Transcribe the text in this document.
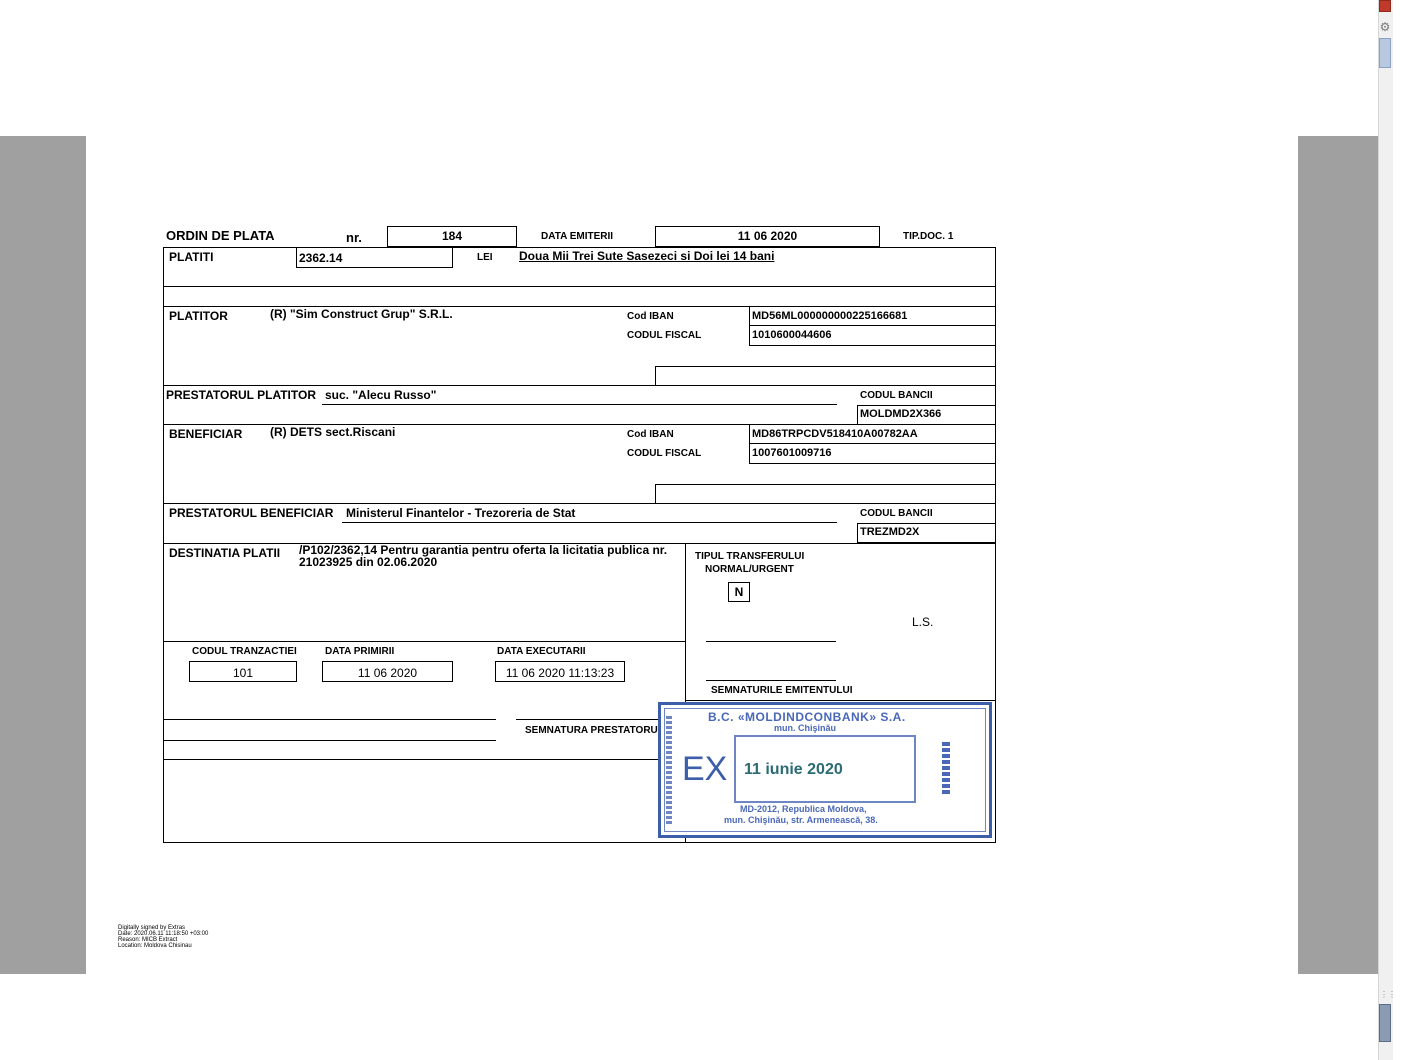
⚙
⋮⋮
ORDIN DE PLATA	nr.	184	DATA EMITERII	11 06 2020	TIP.DOC. 1
PLATITI	2362.14	LEI Doua Mii Trei Sute Sasezeci si Doi lei 14 bani
PLATITOR	(R) "Sim Construct Grup" S.R.L.	Cod IBAN	MD56ML000000000225166681
CODUL FISCAL	1010600044606
PRESTATORUL PLATITOR suc. "Alecu Russo"	CODUL BANCII
MOLDMD2X366
BENEFICIAR (R) DETS sect.Riscani	Cod IBAN	MD86TRPCDV518410A00782AA
CODUL FISCAL	1007601009716
PRESTATORUL BENEFICIAR Ministerul Finantelor - Trezoreria de Stat	CODUL BANCII
TREZMD2X
DESTINATIA PLATII /P102/2362,14 Pentru garantia pentru oferta la licitatia publica nr.
21023925 din 02.06.2020	TIPUL TRANSFERULUI
NORMAL/URGENT
N
L.S.
SEMNATURILE EMITENTULUI
CODUL TRANZACTIEI
101
DATA PRIMIRII
11 06 2020
DATA EXECUTARII
11 06 2020 11:13:23
SEMNATURA PRESTATORU
B.C. «MOLDINDCONBANK» S.A.
mun. Chişinău
EX 11 iunie 2020
MD-2012, Republica Moldova,
mun. Chişinău, str. Armenească, 38.
Digitally signed by Extras
Date: 2020.06.11 11:18:50 +03:00
Reason: MICB Extract
Location: Moldova Chisinau
